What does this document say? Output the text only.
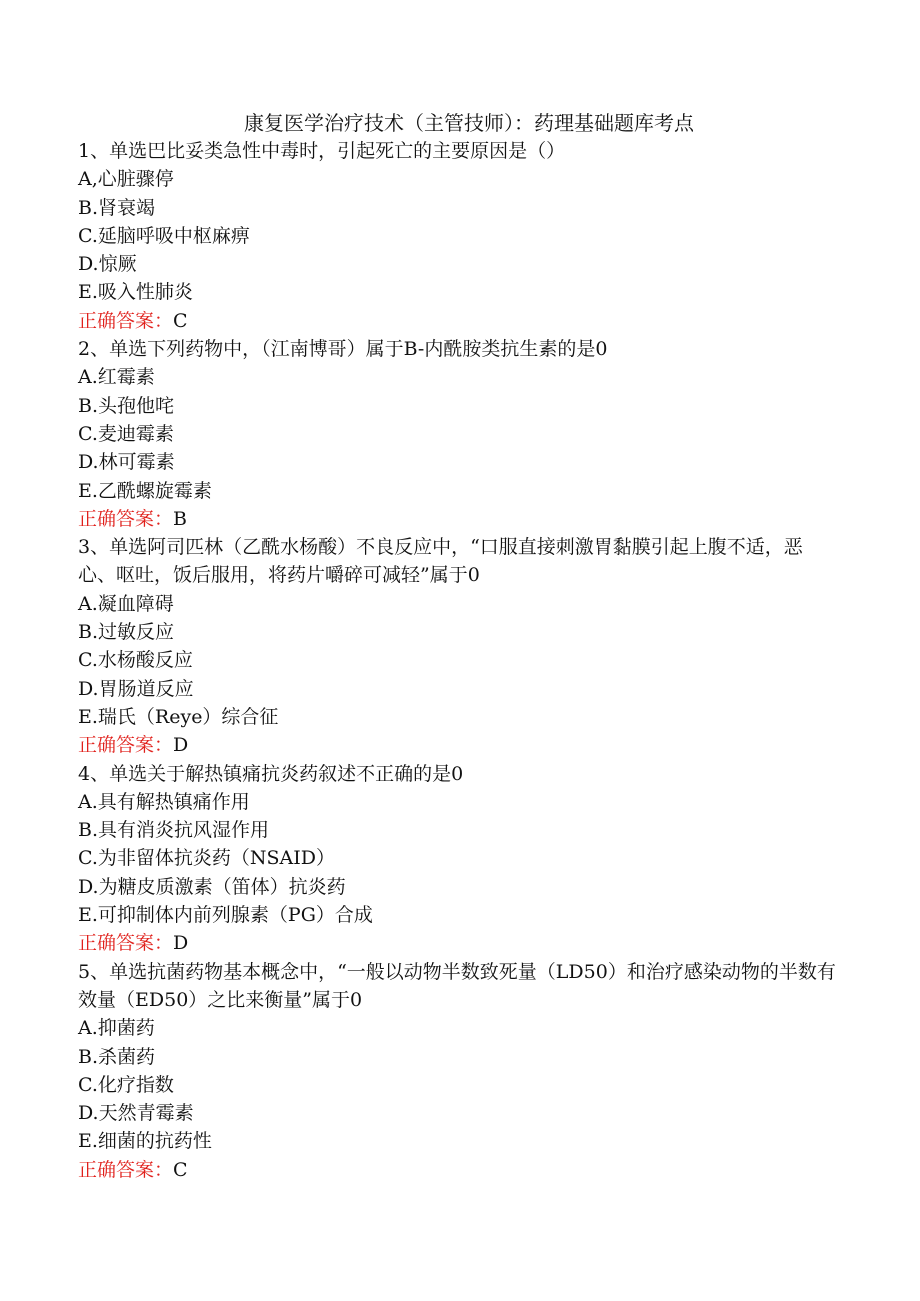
康复医学治疗技术（主管技师）：药理基础题库考点
1、单选巴比妥类急性中毒时，引起死亡的主要原因是（）
A,心脏骤停
B.肾衰竭
C.延脑呼吸中枢麻痹
D.惊厥
E.吸入性肺炎
正确答案：C
2、单选下列药物中，（江南博哥）属于B-内酰胺类抗生素的是0
A.红霉素
B.头孢他咤
C.麦迪霉素
D.林可霉素
E.乙酰螺旋霉素
正确答案：B
3、单选阿司匹林（乙酰水杨酸）不良反应中，“口服直接刺激胃黏膜引起上腹不适，恶心、呕吐，饭后服用，将药片嚼碎可减轻”属于0
A.凝血障碍
B.过敏反应
C.水杨酸反应
D.胃肠道反应
E.瑞氏（Reye）综合征
正确答案：D
4、单选关于解热镇痛抗炎药叙述不正确的是0
A.具有解热镇痛作用
B.具有消炎抗风湿作用
C.为非留体抗炎药（NSAID）
D.为糖皮质激素（笛体）抗炎药
E.可抑制体内前列腺素（PG）合成
正确答案：D
5、单选抗菌药物基本概念中，“一般以动物半数致死量（LD50）和治疗感染动物的半数有效量（ED50）之比来衡量”属于0
A.抑菌药
B.杀菌药
C.化疗指数
D.天然青霉素
E.细菌的抗药性
正确答案：C
